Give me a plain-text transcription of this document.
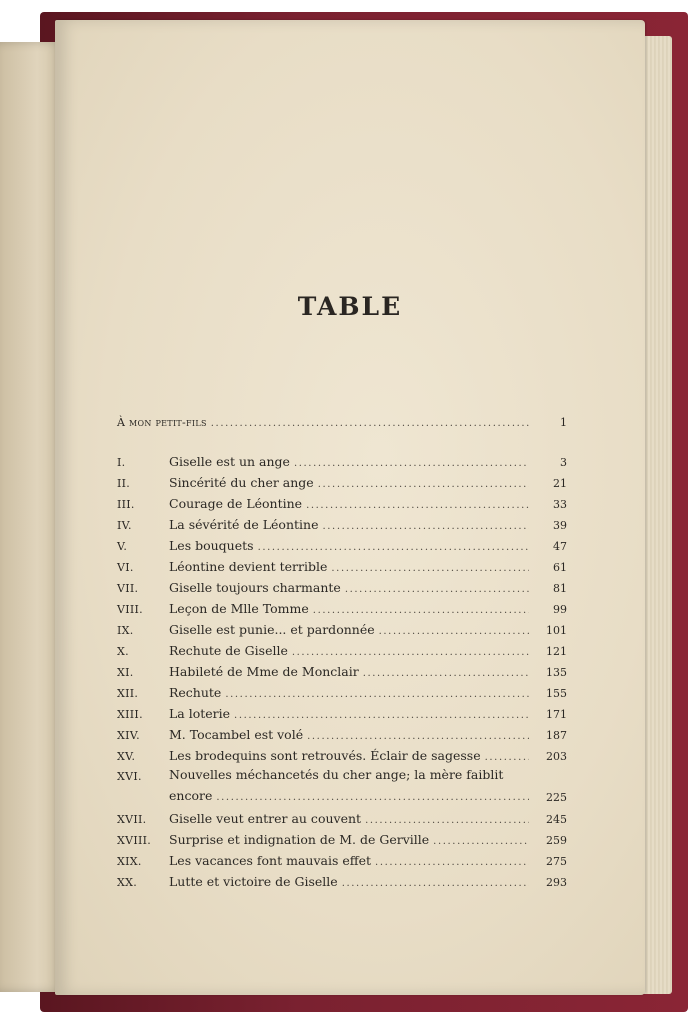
TABLE
À mon petit-fils .....	1
I.	Giselle est un ange .....	3
II.	Sincérité du cher ange .....	21
III.	Courage de Léontine .....	33
IV.	La sévérité de Léontine .....	39
V.	Les bouquets .....	47
VI.	Léontine devient terrible .....	61
VII.	Giselle toujours charmante .....	81
VIII.	Leçon de Mlle Tomme .....	99
IX.	Giselle est punie... et pardonnée .....	101
X.	Rechute de Giselle .....	121
XI.	Habileté de Mme de Monclair .....	135
XII.	Rechute .....	155
XIII.	La loterie .....	171
XIV.	M. Tocambel est volé .....	187
XV.	Les brodequins sont retrouvés. Éclair de sagesse .....	203
XVI.	Nouvelles méchancetés du cher ange; la mère faiblit
encore .....	225
XVII.	Giselle veut entrer au couvent .....	245
XVIII.	Surprise et indignation de M. de Gerville .....	259
XIX.	Les vacances font mauvais effet .....	275
XX.	Lutte et victoire de Giselle .....	293
